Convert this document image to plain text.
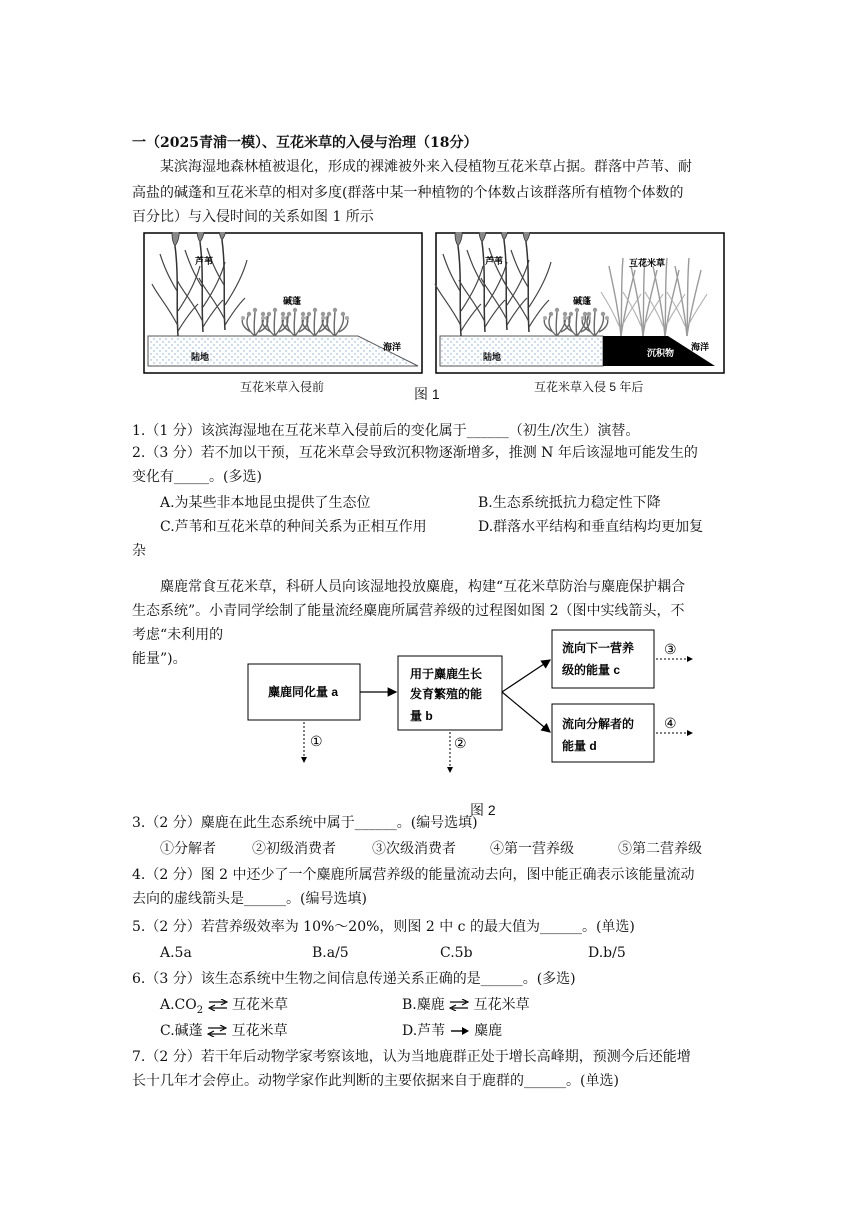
一（2025青浦一模）、互花米草的入侵与治理（18分）
某滨海湿地森林植被退化，形成的裸滩被外来入侵植物互花米草占据。群落中芦苇、耐
高盐的碱蓬和互花米草的相对多度(群落中某一种植物的个体数占该群落所有植物个体数的
百分比）与入侵时间的关系如图 1 所示
芦苇
碱蓬
陆地
海洋
芦苇	互花米草
碱蓬
陆地	沉积物
海洋
互花米草入侵前	互花米草入侵 5 年后
图 1
1.（1 分）该滨海湿地在互花米草入侵前后的变化属于______（初生/次生）演替。
2.（3 分）若不加以干预，互花米草会导致沉积物逐渐增多，推测 N 年后该湿地可能发生的
变化有_____。(多选)
A.为某些非本地昆虫提供了生态位	B.生态系统抵抗力稳定性下降
C.芦苇和互花米草的种间关系为正相互作用	D.群落水平结构和垂直结构均更加复
杂
麋鹿常食互花米草，科研人员向该湿地投放麋鹿，构建“互花米草防治与麋鹿保护耦合
生态系统”。小青同学绘制了能量流经麋鹿所属营养级的过程图如图 2（图中实线箭头，不
考虑“未利用的
能量”)。
麋鹿同化量 a
用于麋鹿生长
发育繁殖的能
量 b
流向下一营养
级的能量 c
流向分解者的
能量 d
①	②
③
④
图 2
3.（2 分）麋鹿在此生态系统中属于______。(编号选填)
①分解者	②初级消费者	③次级消费者 ④第一营养级	⑤第二营养级
4.（2 分）图 2 中还少了一个麋鹿所属营养级的能量流动去向，图中能正确表示该能量流动
去向的虚线箭头是______。(编号选填)
5.（2 分）若营养级效率为 10%～20%，则图 2 中 c 的最大值为______。(单选)
A.5a	B.a/5	C.5b	D.b/5
6.（3 分）该生态系统中生物之间信息传递关系正确的是______。(多选)
$A.CO_2$ 互花米草	B.麋鹿 互花米草
C.碱蓬 互花米草	D.芦苇 麋鹿
7.（2 分）若干年后动物学家考察该地，认为当地鹿群正处于增长高峰期，预测今后还能增
长十几年才会停止。动物学家作此判断的主要依据来自于鹿群的______。(单选)
